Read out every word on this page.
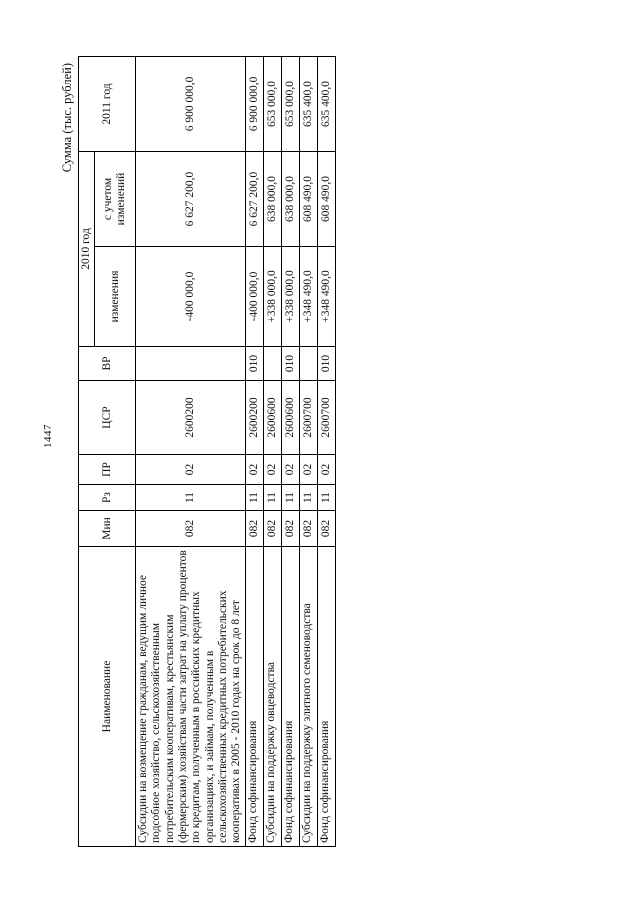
1447
Сумма (тыс. рублей)
Наименование	Мин	Рз	ПР	ЦСР	ВР	2010 год		2011 год
						изменения	с учетом изменений	

Субсидии на возмещение гражданам, ведущим личное подсобное хозяйство, сельскохозяйственным потребительским кооперативам, крестьянским (фермерским) хозяйствам части затрат на уплату процентов по кредитам, полученным в российских кредитных организациях, и займам, полученным в сельскохозяйственных кредитных потребительских кооперативах в 2005 - 2010 годах на срок до 8 лет	082	11	02	2600200		-400 000,0	6 627 200,0	6 900 000,0
Фонд софинансирования	082	11	02	2600200	010	-400 000,0	6 627 200,0	6 900 000,0
Субсидии на поддержку овцеводства	082	11	02	2600600		+338 000,0	638 000,0	653 000,0
Фонд софинансирования	082	11	02	2600600	010	+338 000,0	638 000,0	653 000,0
Субсидии на поддержку элитного семеноводства	082	11	02	2600700		+348 490,0	608 490,0	635 400,0
Фонд софинансирования	082	11	02	2600700	010	+348 490,0	608 490,0	635 400,0
